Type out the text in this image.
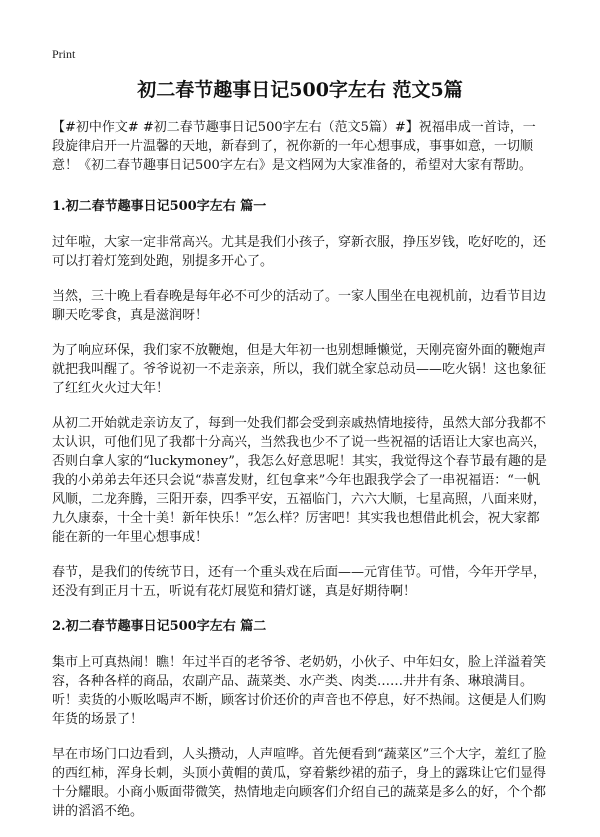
Print
初二春节趣事日记500字左右 范文5篇

【#初中作文# #初二春节趣事日记500字左右（范文5篇）#】祝福串成一首诗，一段旋律启开一片温馨的天地，新春到了，祝你新的一年心想事成，事事如意，一切顺意！《初二春节趣事日记500字左右》是文档网为大家准备的，希望对大家有帮助。

1.初二春节趣事日记500字左右 篇一

过年啦，大家一定非常高兴。尤其是我们小孩子，穿新衣服，挣压岁钱，吃好吃的，还可以打着灯笼到处跑，别提多开心了。

当然，三十晚上看春晚是每年必不可少的活动了。一家人围坐在电视机前，边看节目边聊天吃零食，真是滋润呀！

为了响应环保，我们家不放鞭炮，但是大年初一也别想睡懒觉，天刚亮窗外面的鞭炮声就把我叫醒了。爷爷说初一不走亲亲，所以，我们就全家总动员——吃火锅！这也象征了红红火火过大年！

从初二开始就走亲访友了，每到一处我们都会受到亲戚热情地接待，虽然大部分我都不太认识，可他们见了我都十分高兴，当然我也少不了说一些祝福的话语让大家也高兴，否则白拿人家的“luckymoney”，我怎么好意思呢！其实，我觉得这个春节最有趣的是我的小弟弟去年还只会说“恭喜发财，红包拿来”今年也跟我学会了一串祝福语：“一帆风顺，二龙奔腾，三阳开泰，四季平安，五福临门，六六大顺，七星高照，八面来财，九久康泰，十全十美！新年快乐！”怎么样？厉害吧！其实我也想借此机会，祝大家都能在新的一年里心想事成！

春节，是我们的传统节日，还有一个重头戏在后面——元宵佳节。可惜，今年开学早，还没有到正月十五，听说有花灯展览和猜灯谜，真是好期待啊！

2.初二春节趣事日记500字左右 篇二

集市上可真热闹！瞧！年过半百的老爷爷、老奶奶，小伙子、中年妇女，脸上洋溢着笑容，各种各样的商品，农副产品、蔬菜类、水产类、肉类……井井有条、琳琅满目。听！卖货的小贩吆喝声不断，顾客讨价还价的声音也不停息，好不热闹。这便是人们购年货的场景了！

早在市场门口边看到，人头攒动，人声喧哗。首先便看到“蔬菜区”三个大字，羞红了脸的西红柿，浑身长刺，头顶小黄帽的黄瓜，穿着紫纱裙的茄子，身上的露珠让它们显得十分耀眼。小商小贩面带微笑，热情地走向顾客们介绍自己的蔬菜是多么的好，个个都讲的滔滔不绝。
